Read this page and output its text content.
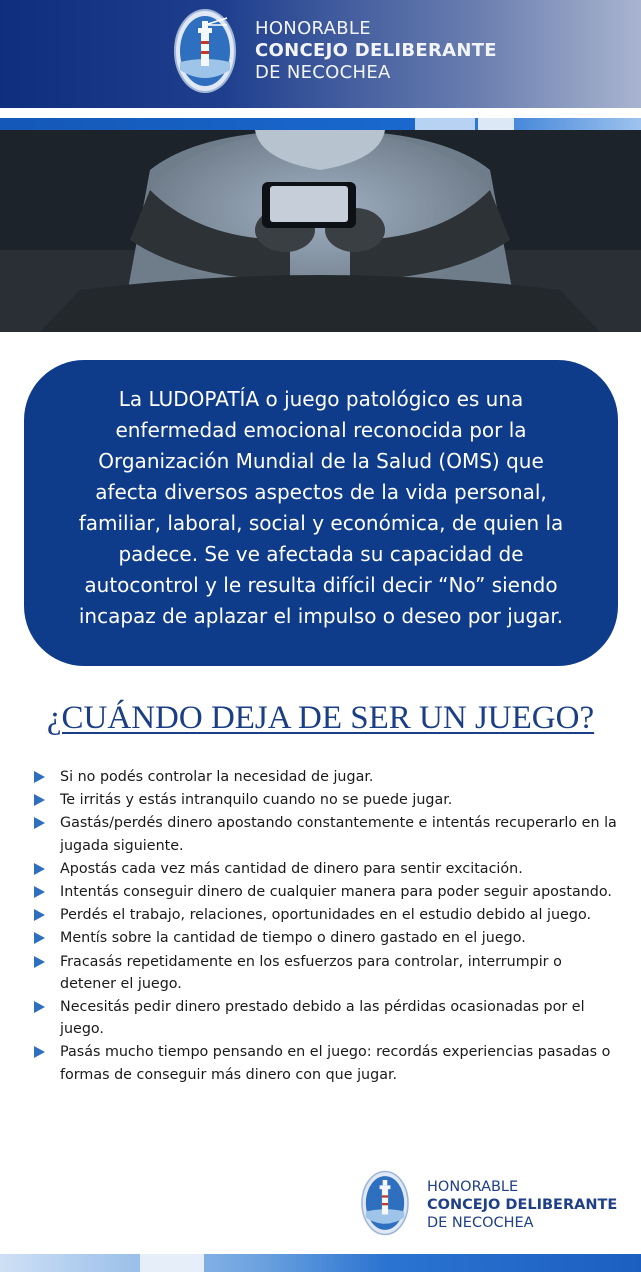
HONORABLE
CONCEJO DELIBERANTE
DE NECOCHEA

La LUDOPATÍA o juego patológico es una
enfermedad emocional reconocida por la
Organización Mundial de la Salud (OMS) que
afecta diversos aspectos de la vida personal,
familiar, laboral, social y económica, de quien la
padece. Se ve afectada su capacidad de
autocontrol y le resulta difícil decir “No” siendo
incapaz de aplazar el impulso o deseo por jugar.

¿CUÁNDO DEJA DE SER UN JUEGO?
Si no podés controlar la necesidad de jugar.
Te irritás y estás intranquilo cuando no se puede jugar.
Gastás/perdés dinero apostando constantemente e intentás recuperarlo en la jugada siguiente.
Apostás cada vez más cantidad de dinero para sentir excitación.
Intentás conseguir dinero de cualquier manera para poder seguir apostando.
Perdés el trabajo, relaciones, oportunidades en el estudio debido al juego.
Mentís sobre la cantidad de tiempo o dinero gastado en el juego.
Fracasás repetidamente en los esfuerzos para controlar, interrumpir o detener el juego.
Necesitás pedir dinero prestado debido a las pérdidas ocasionadas por el juego.
Pasás mucho tiempo pensando en el juego: recordás experiencias pasadas o formas de conseguir más dinero con que jugar.
HONORABLE
CONCEJO DELIBERANTE
DE NECOCHEA
